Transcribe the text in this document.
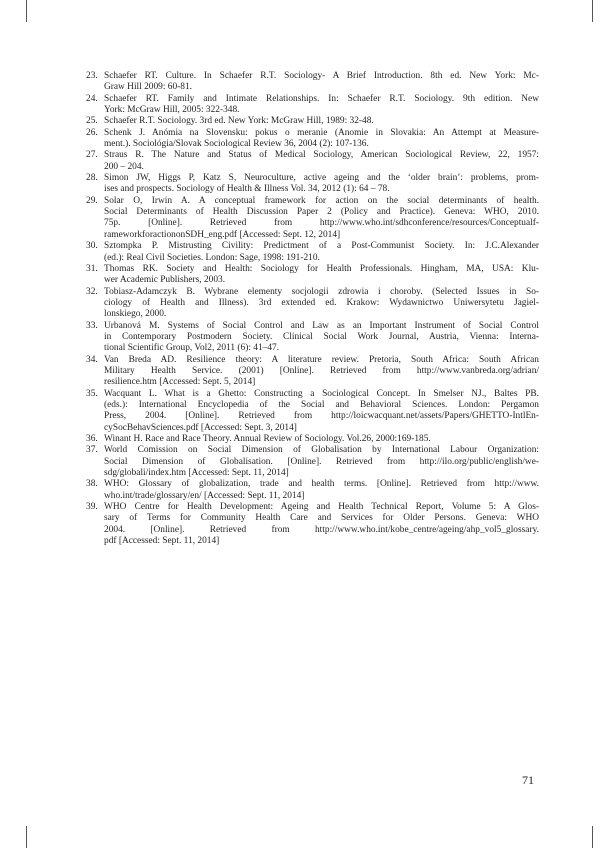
23. Schaefer RT. Culture. In Schaefer R.T. Sociology- A Brief Introduction. 8th ed. New York: Mc-
Graw Hill 2009: 60-81.
24. Schaefer RT. Family and Intimate Relationships. In: Schaefer R.T. Sociology. 9th edition. New
York: McGraw Hill, 2005: 322-348.
25. Schaefer R.T. Sociology. 3rd ed. New York: McGraw Hill, 1989: 32-48.
26. Schenk J. Anómia na Slovensku: pokus o meranie (Anomie in Slovakia: An Attempt at Measure-
ment.). Sociológia/Slovak Sociological Review 36, 2004 (2): 107-136.
27. Straus R. The Nature and Status of Medical Sociology, American Sociological Review, 22, 1957:
200 – 204.
28. Simon JW, Higgs P, Katz S, Neuroculture, active ageing and the ‘older brain’: problems, prom-
ises and prospects. Sociology of Health & Illness Vol. 34, 2012 (1): 64 – 78.
29. Solar O, Irwin A. A conceptual framework for action on the social determinants of health.
Social Determinants of Health Discussion Paper 2 (Policy and Practice). Geneva: WHO, 2010.
75p. [Online]. Retrieved from http://www.who.int/sdhconference/resources/Conceptualf-
rameworkforactiononSDH_eng.pdf [Accessed: Sept. 12, 2014]
30. Sztompka P. Mistrusting Civility: Predictment of a Post-Communist Society. In: J.C.Alexander
(ed.): Real Civil Societies. London: Sage, 1998: 191-210.
31. Thomas RK. Society and Health: Sociology for Health Professionals. Hingham, MA, USA: Klu-
wer Academic Publishers, 2003.
32. Tobiasz-Adamczyk B. Wybrane elementy socjologii zdrowia i choroby. (Selected Issues in So-
ciology of Health and Illness). 3rd extended ed. Krakow: Wydawnictwo Uniwersytetu Jagiel-
lonskiego, 2000.
33. Urbanová M. Systems of Social Control and Law as an Important Instrument of Social Control
in Contemporary Postmodern Society. Clinical Social Work Journal, Austria, Vienna: Interna-
tional Scientific Group, Vol2, 2011 (6): 41–47.
34. Van Breda AD. Resilience theory: A literature review. Pretoria, South Africa: South African
Military Health Service. (2001) [Online]. Retrieved from http://www.vanbreda.org/adrian/
resilience.htm [Accessed: Sept. 5, 2014]
35. Wacquant L. What is a Ghetto: Constructing a Sociological Concept. In Smelser NJ., Baltes PB.
(eds.): International Encyclopedia of the Social and Behavioral Sciences. London: Pergamon
Press, 2004. [Online]. Retrieved from http://loicwacquant.net/assets/Papers/GHETTO-IntlEn-
cySocBehavSciences.pdf [Accessed: Sept. 3, 2014]
36. Winant H. Race and Race Theory. Annual Review of Sociology. Vol.26, 2000:169-185.
37. World Comission on Social Dimension of Globalisation by International Labour Organization:
Social Dimension of Globalisation. [Online]. Retrieved from http://ilo.org/public/english/we-
sdg/globali/index.htm [Accessed: Sept. 11, 2014]
38. WHO: Glossary of globalization, trade and health terms. [Online]. Retrieved from http://www.
who.int/trade/glossary/en/ [Accessed: Sept. 11, 2014]
39. WHO Centre for Health Development: Ageing and Health Technical Report, Volume 5: A Glos-
sary of Terms for Community Health Care and Services for Older Persons. Geneva: WHO
2004. [Online]. Retrieved from http://www.who.int/kobe_centre/ageing/ahp_vol5_glossary.
pdf [Accessed: Sept. 11, 2014]
71
